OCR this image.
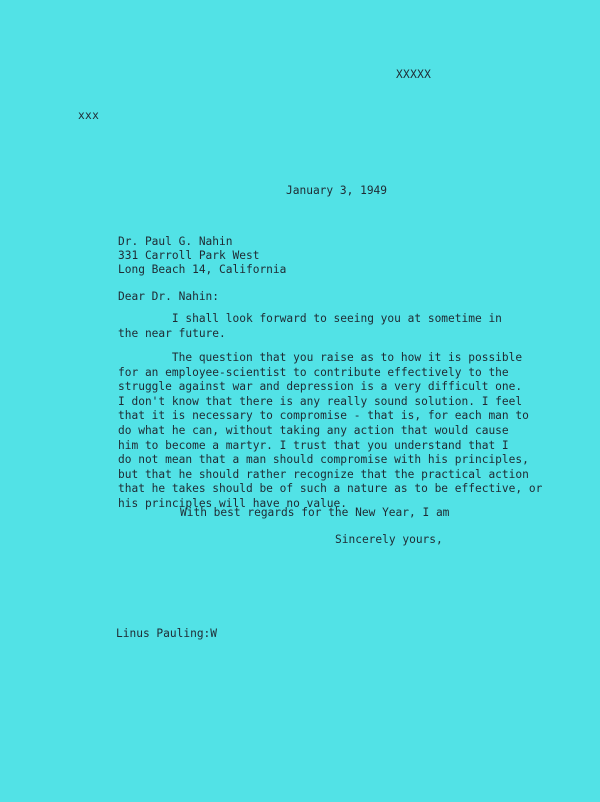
XXXXX
xxx
January 3, 1949
Dr. Paul G. Nahin
331 Carroll Park West
Long Beach 14, California
Dear Dr. Nahin:
I shall look forward to seeing you at sometime in
the near future.
The question that you raise as to how it is possible
for an employee-scientist to contribute effectively to the
struggle against war and depression is a very difficult one.
I don't know that there is any really sound solution. I feel
that it is necessary to compromise - that is, for each man to
do what he can, without taking any action that would cause
him to become a martyr. I trust that you understand that I
do not mean that a man should compromise with his principles,
but that he should rather recognize that the practical action
that he takes should be of such a nature as to be effective, or
his principles will have no value.
With best regards for the New Year, I am
Sincerely yours,
Linus Pauling:W
